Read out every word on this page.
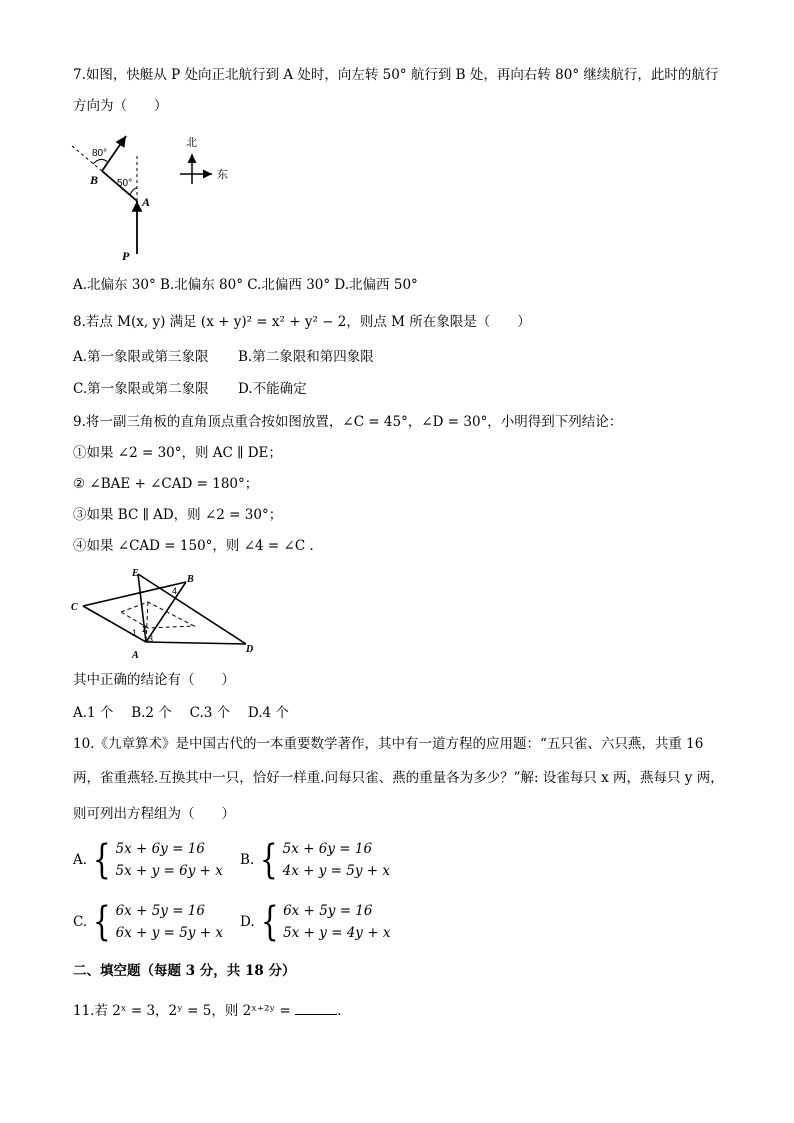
7.如图，快艇从 P 处向正北航行到 A 处时，向左转 50° 航行到 B 处，再向右转 80° 继续航行，此时的航行
方向为（　　）
80°
50°
B
A
P
北
东
A.北偏东 30° B.北偏东 80° C.北偏西 30° D.北偏西 50°
8.若点 M(x, y) 满足 (x + y)² = x² + y² − 2，则点 M 所在象限是（　　）
A.第一象限或第三象限 B.第二象限和第四象限
C.第一象限或第二象限 D.不能确定
9.将一副三角板的直角顶点重合按如图放置，∠C = 45°，∠D = 30°，小明得到下列结论：
①如果 ∠2 = 30°，则 AC ∥ DE；
② ∠BAE + ∠CAD = 180°；
③如果 BC ∥ AD，则 ∠2 = 30°；
④如果 ∠CAD = 150°，则 ∠4 = ∠C .
E
B
C
A
D
1 2
3
4
其中正确的结论有（　　）
A.1 个　 B.2 个　 C.3 个　 D.4 个
10.《九章算术》是中国古代的一本重要数学著作，其中有一道方程的应用题：“五只雀、六只燕，共重 16
两，雀重燕轻.互换其中一只，恰好一样重.问每只雀、燕的重量各为多少？”解: 设雀每只 x 两，燕每只 y 两，
则可列出方程组为（　　）
A. { 5x + 6y = 16
5x + y = 6y + x
B. { 5x + 6y = 16
4x + y = 5y + x
C. { 6x + 5y = 16
6x + y = 5y + x
D. { 6x + 5y = 16
5x + y = 4y + x
二、填空题（每题 3 分，共 18 分）
11.若 2ˣ = 3，2ʸ = 5，则 2ˣ⁺²ʸ =	.
